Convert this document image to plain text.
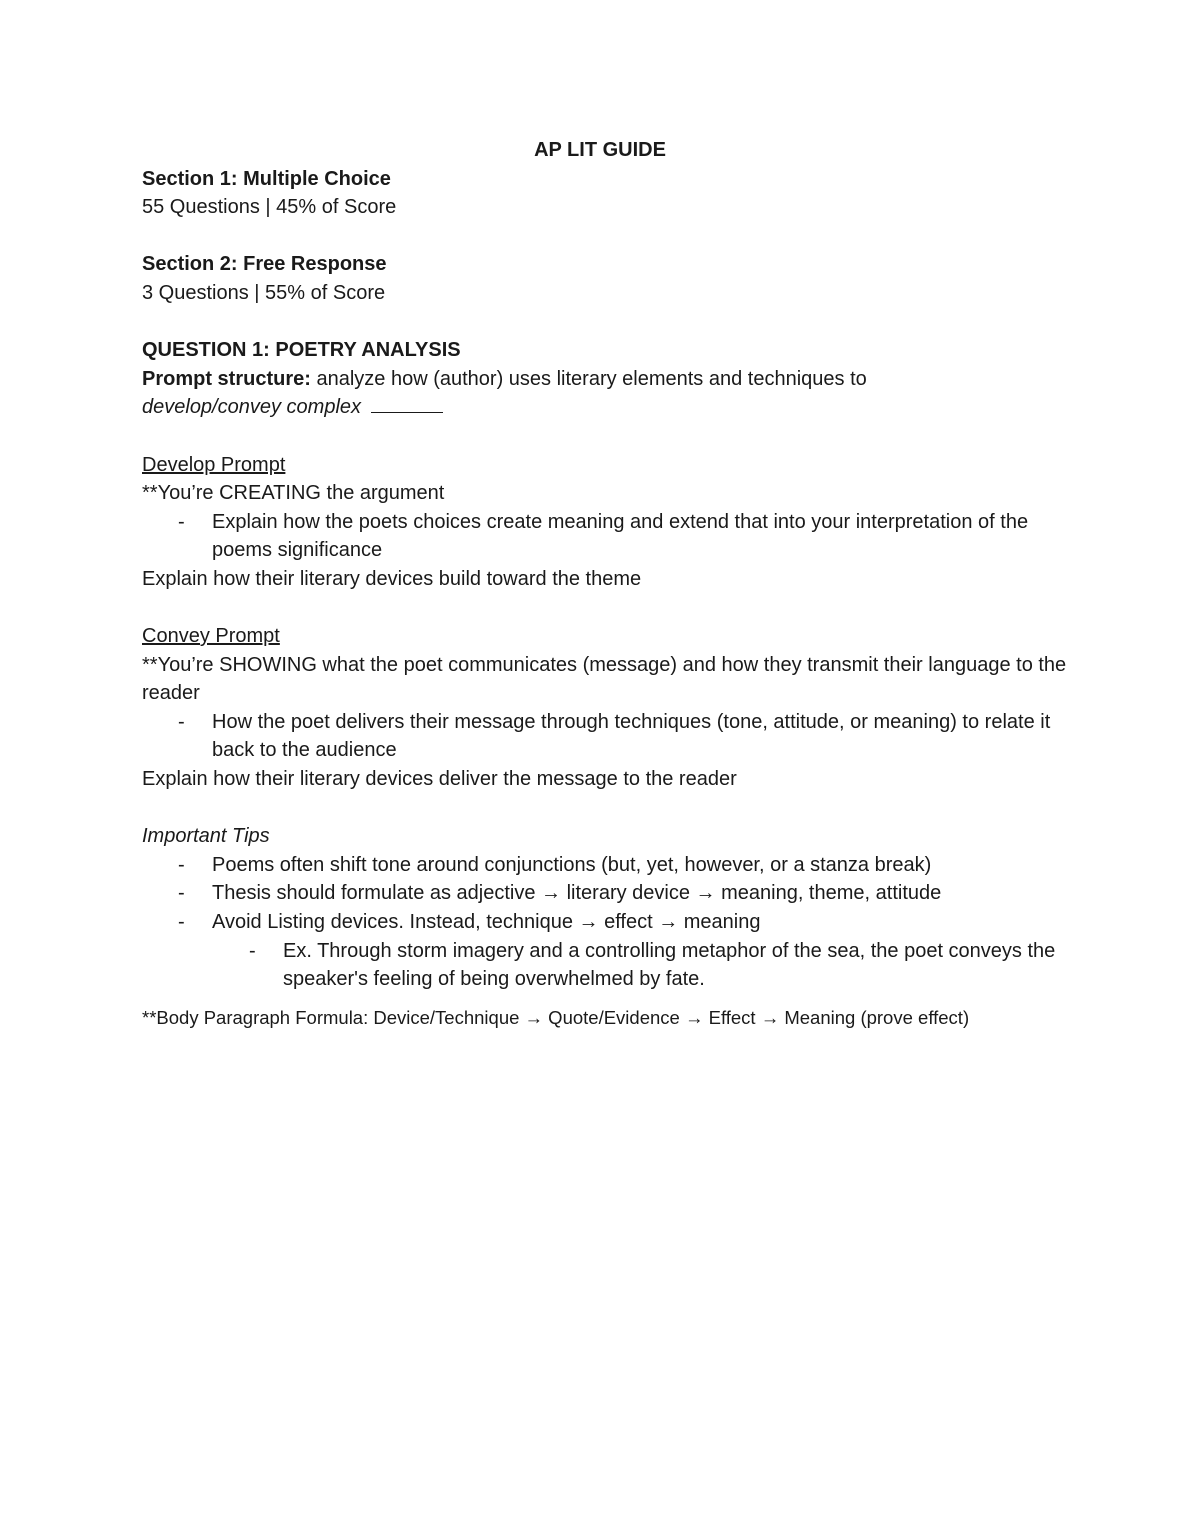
AP LIT GUIDE

Section 1: Multiple Choice

55 Questions | 45% of Score

Section 2: Free Response

3 Questions | 55% of Score

QUESTION 1: POETRY ANALYSIS

Prompt structure: analyze how (author) uses literary elements and techniques to

develop/convey complex

Develop Prompt

**You’re CREATING the argument

- Explain how the poets choices create meaning and extend that into your interpretation of the poems significance

Explain how their literary devices build toward the theme

Convey Prompt

**You’re SHOWING what the poet communicates (message) and how they transmit their language to the reader

- How the poet delivers their message through techniques (tone, attitude, or meaning) to relate it back to the audience

Explain how their literary devices deliver the message to the reader

Important Tips

- Poems often shift tone around conjunctions (but, yet, however, or a stanza break)
- Thesis should formulate as adjective → literary device → meaning, theme, attitude
- Avoid Listing devices. Instead, technique → effect → meaning
- Ex. Through storm imagery and a controlling metaphor of the sea, the poet conveys the speaker's feeling of being overwhelmed by fate.

**Body Paragraph Formula: Device/Technique → Quote/Evidence → Effect → Meaning (prove effect)
